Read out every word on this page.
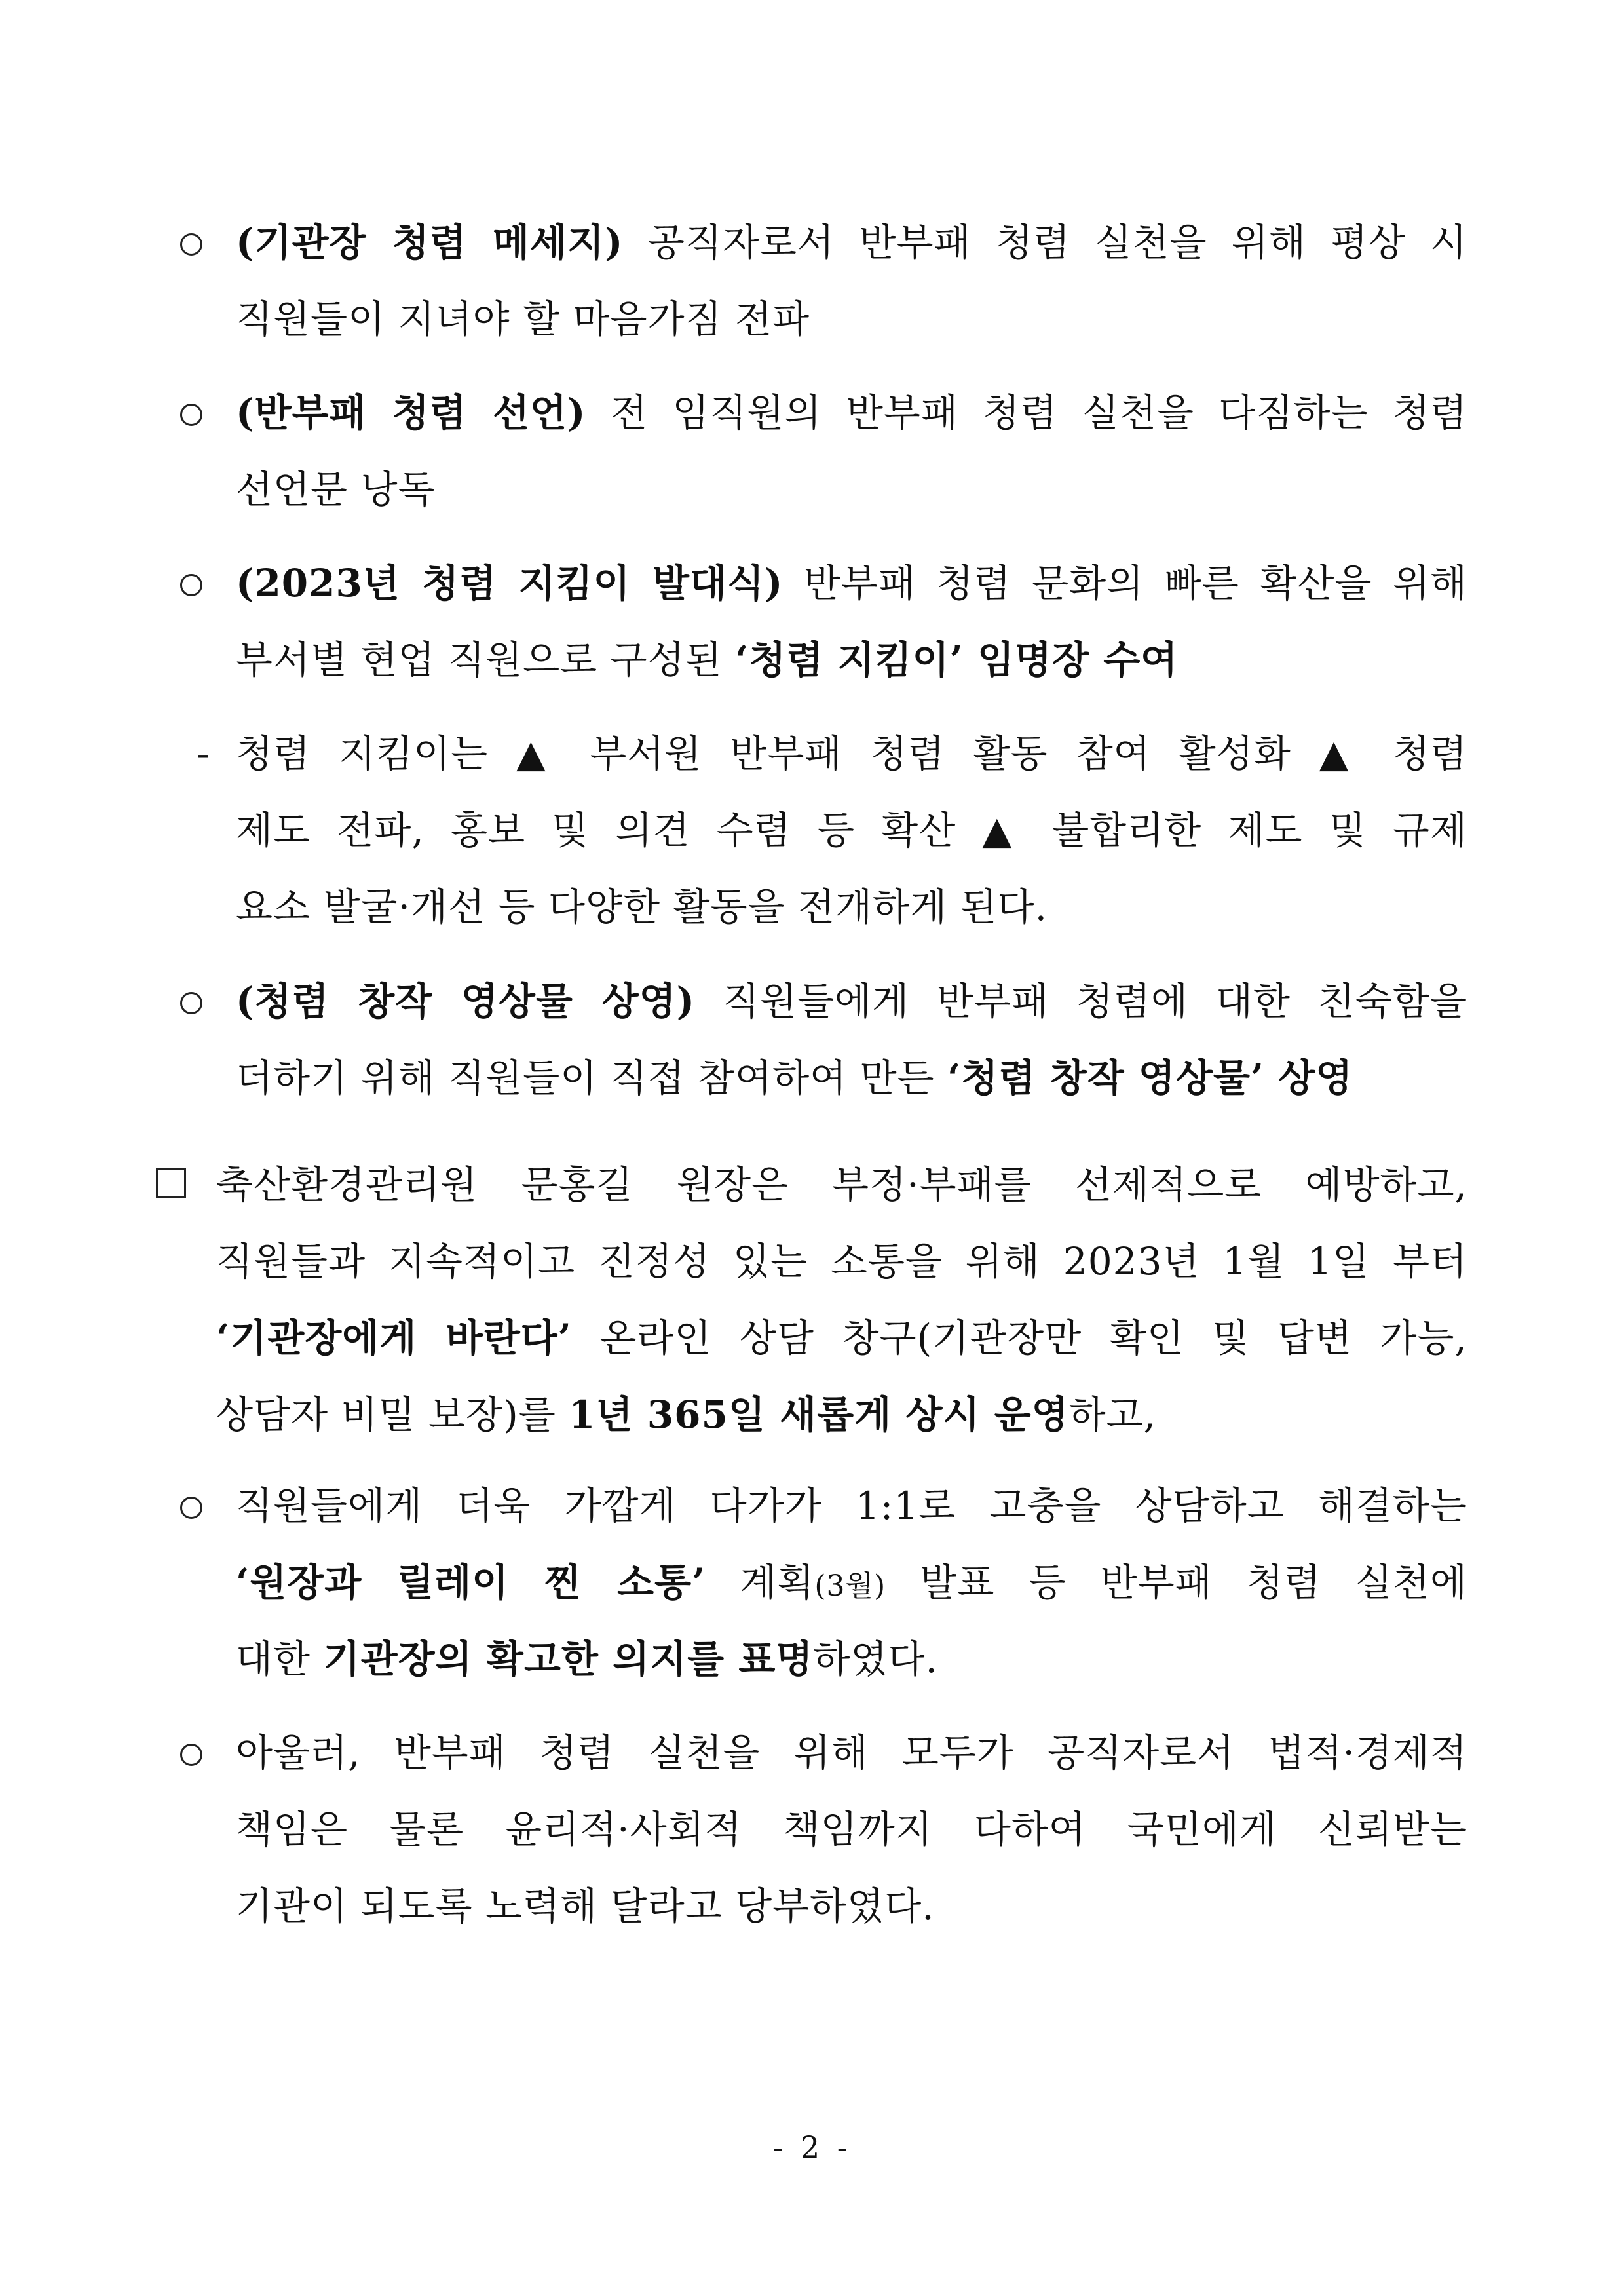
(기관장 청렴 메세지) 공직자로서 반부패 청렴 실천을 위해 평상 시
직원들이 지녀야 할 마음가짐 전파
(반부패 청렴 선언) 전 임직원의 반부패 청렴 실천을 다짐하는 청렴
선언문 낭독
(2023년 청렴 지킴이 발대식) 반부패 청렴 문화의 빠른 확산을 위해
부서별 현업 직원으로 구성된 ‘청렴 지킴이’ 임명장 수여
- 청렴 지킴이는 ▲ 부서원 반부패 청렴 활동 참여 활성화 ▲ 청렴
제도 전파, 홍보 및 의견 수렴 등 확산 ▲ 불합리한 제도 및 규제
요소 발굴·개선 등 다양한 활동을 전개하게 된다.
(청렴 창작 영상물 상영) 직원들에게 반부패 청렴에 대한 친숙함을
더하기 위해 직원들이 직접 참여하여 만든 ‘청렴 창작 영상물’ 상영
축산환경관리원 문홍길 원장은 부정·부패를 선제적으로 예방하고,
직원들과 지속적이고 진정성 있는 소통을 위해 2023년 1월 1일 부터
‘기관장에게 바란다’ 온라인 상담 창구(기관장만 확인 및 답변 가능,
상담자 비밀 보장)를 1년 365일 새롭게 상시 운영하고,
직원들에게 더욱 가깝게 다가가 1:1로 고충을 상담하고 해결하는
‘원장과 릴레이 찐 소통’ 계획(3월) 발표 등 반부패 청렴 실천에
대한 기관장의 확고한 의지를 표명하였다.
아울러, 반부패 청렴 실천을 위해 모두가 공직자로서 법적·경제적
책임은 물론 윤리적·사회적 책임까지 다하여 국민에게 신뢰받는
기관이 되도록 노력해 달라고 당부하였다.
- 2 -
